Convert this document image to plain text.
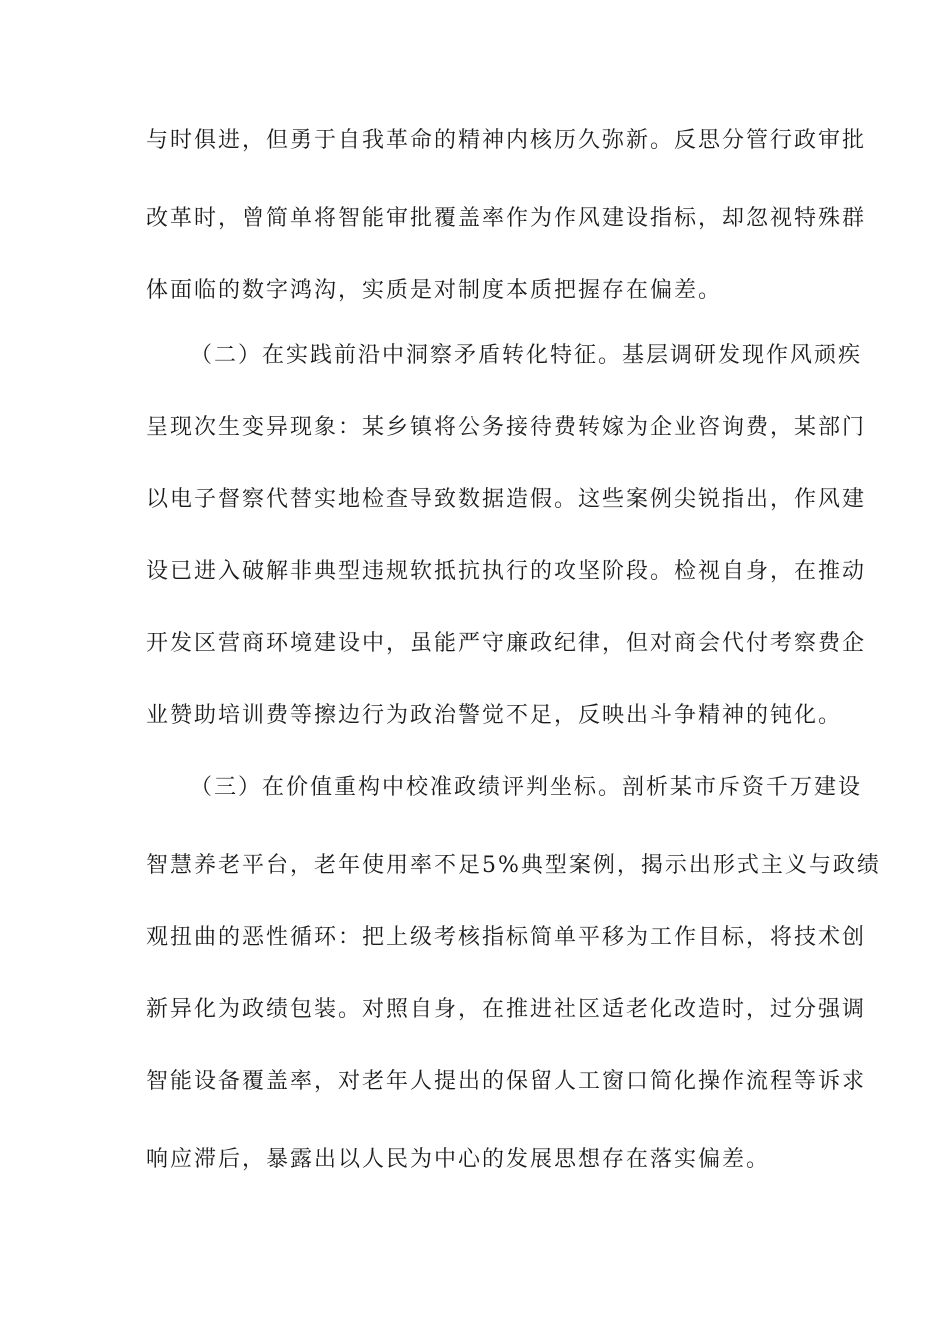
与时俱进，但勇于自我革命的精神内核历久弥新。反思分管行政审批
改革时，曾简单将智能审批覆盖率作为作风建设指标，却忽视特殊群
体面临的数字鸿沟，实质是对制度本质把握存在偏差。
（二）在实践前沿中洞察矛盾转化特征。基层调研发现作风顽疾
呈现次生变异现象：某乡镇将公务接待费转嫁为企业咨询费，某部门
以电子督察代替实地检查导致数据造假。这些案例尖锐指出，作风建
设已进入破解非典型违规软抵抗执行的攻坚阶段。检视自身，在推动
开发区营商环境建设中，虽能严守廉政纪律，但对商会代付考察费企
业赞助培训费等擦边行为政治警觉不足，反映出斗争精神的钝化。
（三）在价值重构中校准政绩评判坐标。剖析某市斥资千万建设
智慧养老平台，老年使用率不足5%典型案例，揭示出形式主义与政绩
观扭曲的恶性循环：把上级考核指标简单平移为工作目标，将技术创
新异化为政绩包装。对照自身，在推进社区适老化改造时，过分强调
智能设备覆盖率，对老年人提出的保留人工窗口简化操作流程等诉求
响应滞后，暴露出以人民为中心的发展思想存在落实偏差。
